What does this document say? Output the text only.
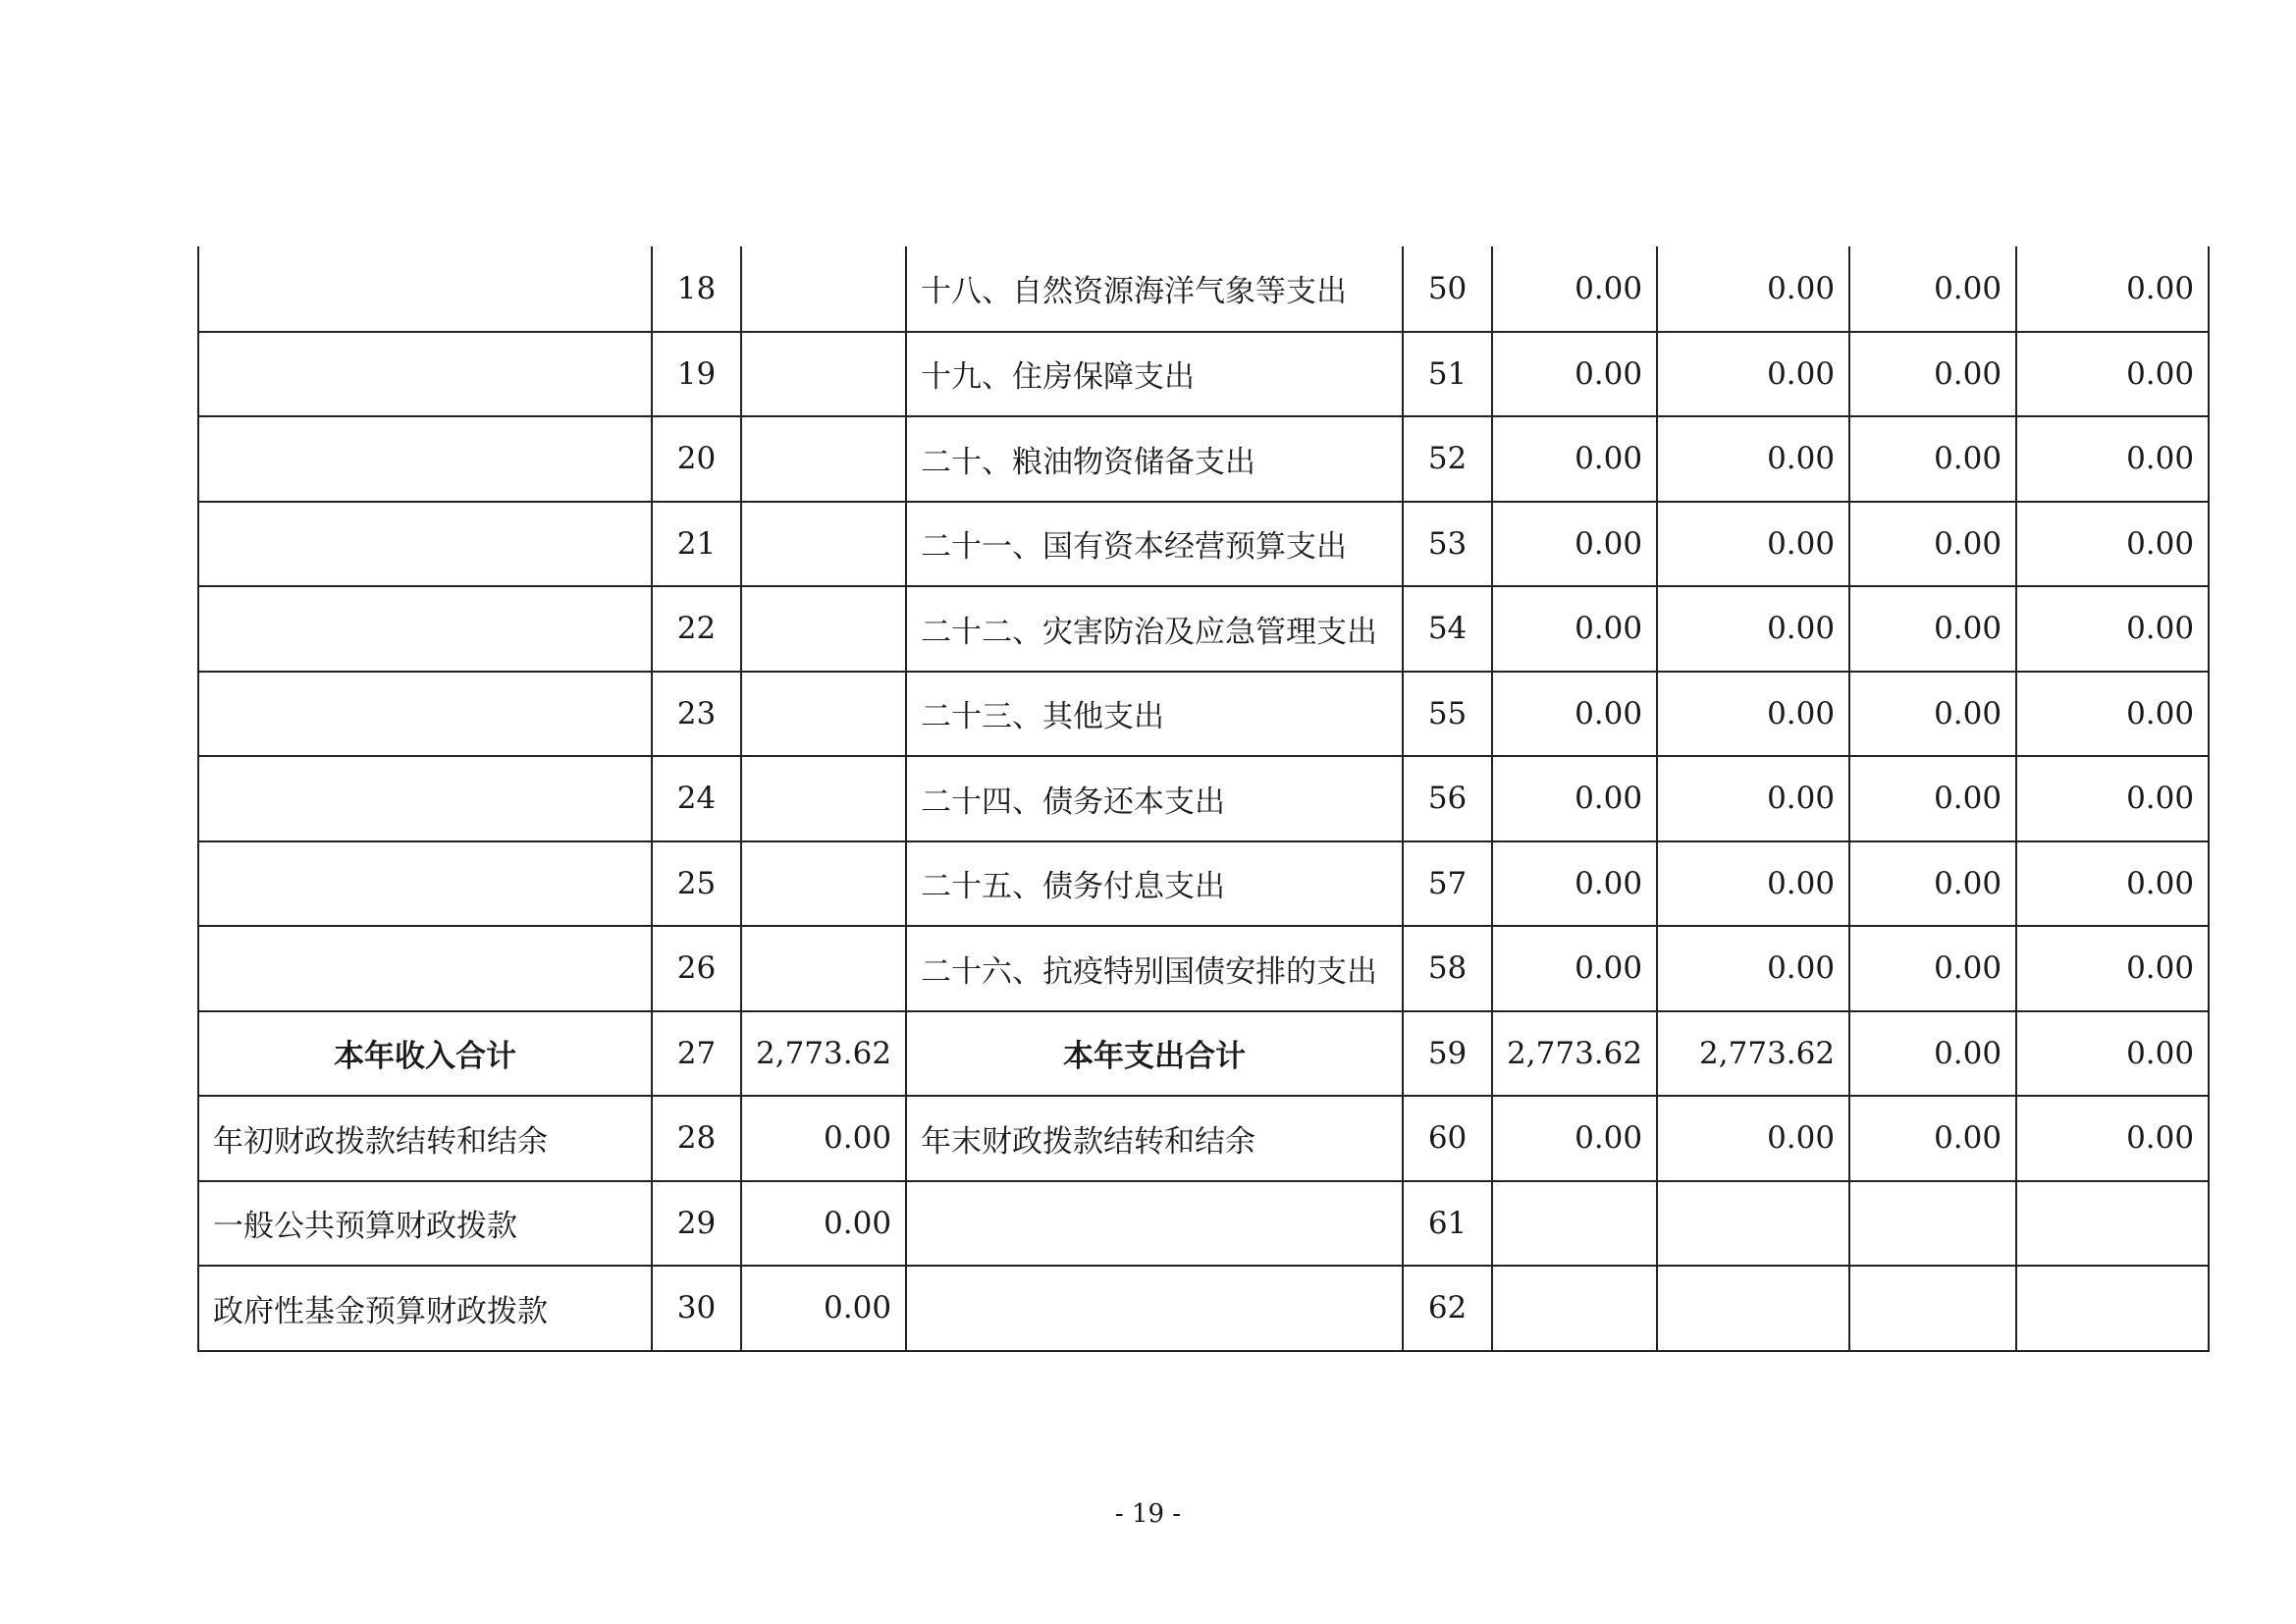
	18		十八、自然资源海洋气象等支出	50	0.00	0.00	0.00	0.00
	19		十九、住房保障支出	51	0.00	0.00	0.00	0.00
	20		二十、粮油物资储备支出	52	0.00	0.00	0.00	0.00
	21		二十一、国有资本经营预算支出	53	0.00	0.00	0.00	0.00
	22		二十二、灾害防治及应急管理支出	54	0.00	0.00	0.00	0.00
	23		二十三、其他支出	55	0.00	0.00	0.00	0.00
	24		二十四、债务还本支出	56	0.00	0.00	0.00	0.00
	25		二十五、债务付息支出	57	0.00	0.00	0.00	0.00
	26		二十六、抗疫特别国债安排的支出	58	0.00	0.00	0.00	0.00
本年收入合计	27	2,773.62	本年支出合计	59	2,773.62	2,773.62	0.00	0.00
年初财政拨款结转和结余	28	0.00	年末财政拨款结转和结余	60	0.00	0.00	0.00	0.00
一般公共预算财政拨款	29	0.00		61				
政府性基金预算财政拨款	30	0.00		62				
- 19 -
